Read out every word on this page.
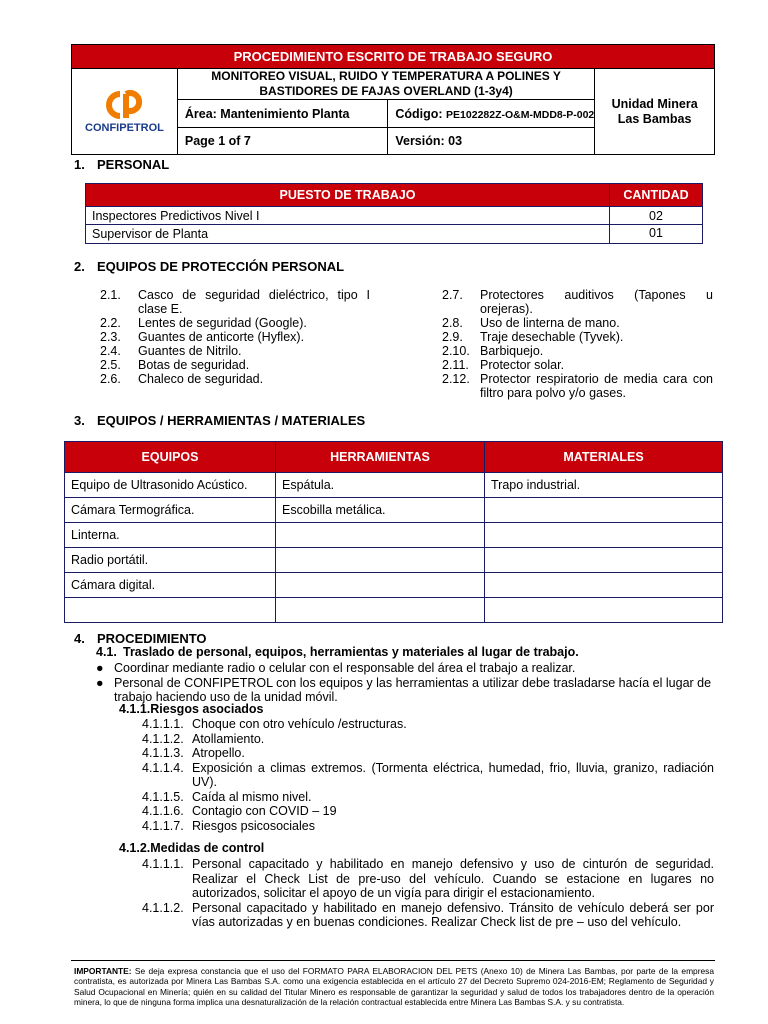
PROCEDIMIENTO ESCRITO DE TRABAJO SEGURO			

CONFIPETROL	MONITOREO VISUAL, RUIDO Y TEMPERATURA A POLINES Y BASTIDORES DE FAJAS OVERLAND (1-3y4)		Unidad Minera Las Bambas
	Área: Mantenimiento Planta	Código: PE102282Z-O&M-MDD8-P-002	
	Page 1 of 7	Versión: 03	
1. PERSONAL
PUESTO DE TRABAJO	CANTIDAD
Inspectores Predictivos Nivel I	02
Supervisor de Planta	01
2. EQUIPOS DE PROTECCIÓN PERSONAL
2.1.	Casco de seguridad dieléctrico, tipo I clase E.
2.2.	Lentes de seguridad (Google).
2.3.	Guantes de anticorte (Hyflex).
2.4.	Guantes de Nitrilo.
2.5.	Botas de seguridad.
2.6.	Chaleco de seguridad.
2.7.	Protectores auditivos (Tapones u orejeras).
2.8.	Uso de linterna de mano.
2.9.	Traje desechable (Tyvek).
2.10. Barbiquejo.
2.11. Protector solar.
2.12. Protector respiratorio de media cara con filtro para polvo y/o gases.
3. EQUIPOS / HERRAMIENTAS / MATERIALES
EQUIPOS	HERRAMIENTAS	MATERIALES
Equipo de Ultrasonido Acústico.	Espátula.	Trapo industrial.
Cámara Termográfica.	Escobilla metálica.	
Linterna.		
Radio portátil.		
Cámara digital.		

4. PROCEDIMIENTO
4.1. Traslado de personal, equipos, herramientas y materiales al lugar de trabajo.
● Coordinar mediante radio o celular con el responsable del área el trabajo a realizar.
● Personal de CONFIPETROL con los equipos y las herramientas a utilizar debe trasladarse hacía el lugar de trabajo haciendo uso de la unidad móvil.
4.1.1.Riesgos asociados
4.1.1.1. Choque con otro vehículo /estructuras.
4.1.1.2. Atollamiento.
4.1.1.3. Atropello.
4.1.1.4. Exposición a climas extremos. (Tormenta eléctrica, humedad, frio, lluvia, granizo, radiación UV).
4.1.1.5. Caída al mismo nivel.
4.1.1.6. Contagio con COVID – 19
4.1.1.7. Riesgos psicosociales
4.1.2.Medidas de control
4.1.1.1. Personal capacitado y habilitado en manejo defensivo y uso de cinturón de seguridad. Realizar el Check List de pre-uso del vehículo. Cuando se estacione en lugares no autorizados, solicitar el apoyo de un vigía para dirigir el estacionamiento.
4.1.1.2. Personal capacitado y habilitado en manejo defensivo. Tránsito de vehículo deberá ser por vías autorizadas y en buenas condiciones. Realizar Check list de pre – uso del vehículo.
IMPORTANTE: Se deja expresa constancia que el uso del FORMATO PARA ELABORACION DEL PETS (Anexo 10) de Minera Las Bambas, por parte de la empresa contratista, es autorizada por Minera Las Bambas S.A. como una exigencia establecida en el artículo 27 del Decreto Supremo 024-2016-EM; Reglamento de Seguridad y Salud Ocupacional en Minería; quién en su calidad del Titular Minero es responsable de garantizar la seguridad y salud de todos los trabajadores dentro de la operación minera, lo que de ninguna forma implica una desnaturalización de la relación contractual establecida entre Minera Las Bambas S.A. y su contratista.
